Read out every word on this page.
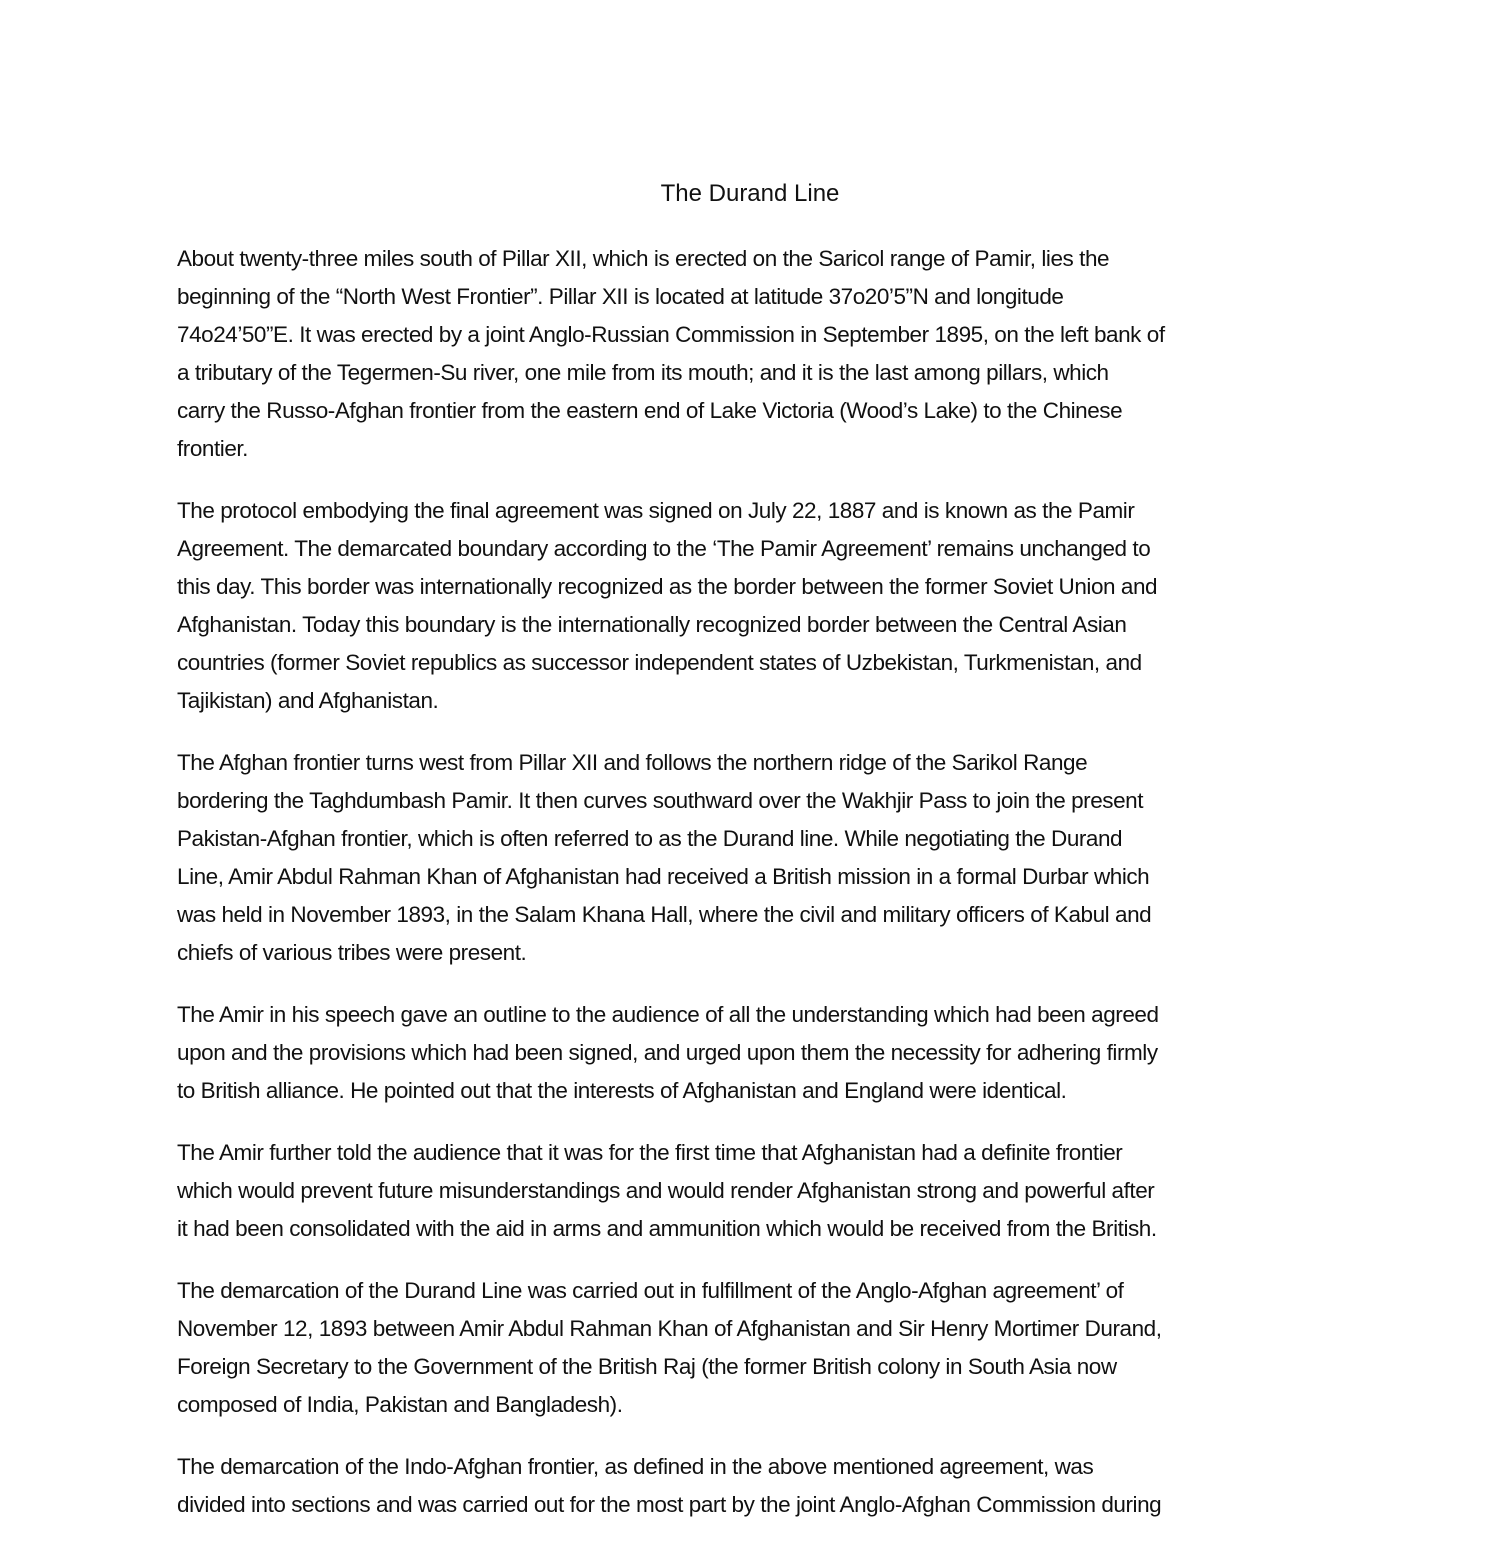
The Durand Line
About twenty-three miles south of Pillar XII, which is erected on the Saricol range of Pamir, lies the
beginning of the “North West Frontier”. Pillar XII is located at latitude 37o20’5”N and longitude
74o24’50”E. It was erected by a joint Anglo-Russian Commission in September 1895, on the left bank of
a tributary of the Tegermen-Su river, one mile from its mouth; and it is the last among pillars, which
carry the Russo-Afghan frontier from the eastern end of Lake Victoria (Wood’s Lake) to the Chinese
frontier.
The protocol embodying the final agreement was signed on July 22, 1887 and is known as the Pamir
Agreement. The demarcated boundary according to the ‘The Pamir Agreement’ remains unchanged to
this day. This border was internationally recognized as the border between the former Soviet Union and
Afghanistan. Today this boundary is the internationally recognized border between the Central Asian
countries (former Soviet republics as successor independent states of Uzbekistan, Turkmenistan, and
Tajikistan) and Afghanistan.
The Afghan frontier turns west from Pillar XII and follows the northern ridge of the Sarikol Range
bordering the Taghdumbash Pamir. It then curves southward over the Wakhjir Pass to join the present
Pakistan-Afghan frontier, which is often referred to as the Durand line. While negotiating the Durand
Line, Amir Abdul Rahman Khan of Afghanistan had received a British mission in a formal Durbar which
was held in November 1893, in the Salam Khana Hall, where the civil and military officers of Kabul and
chiefs of various tribes were present.
The Amir in his speech gave an outline to the audience of all the understanding which had been agreed
upon and the provisions which had been signed, and urged upon them the necessity for adhering firmly
to British alliance. He pointed out that the interests of Afghanistan and England were identical.
The Amir further told the audience that it was for the first time that Afghanistan had a definite frontier
which would prevent future misunderstandings and would render Afghanistan strong and powerful after
it had been consolidated with the aid in arms and ammunition which would be received from the British.
The demarcation of the Durand Line was carried out in fulfillment of the Anglo-Afghan agreement’ of
November 12, 1893 between Amir Abdul Rahman Khan of Afghanistan and Sir Henry Mortimer Durand,
Foreign Secretary to the Government of the British Raj (the former British colony in South Asia now
composed of India, Pakistan and Bangladesh).
The demarcation of the Indo-Afghan frontier, as defined in the above mentioned agreement, was
divided into sections and was carried out for the most part by the joint Anglo-Afghan Commission during
